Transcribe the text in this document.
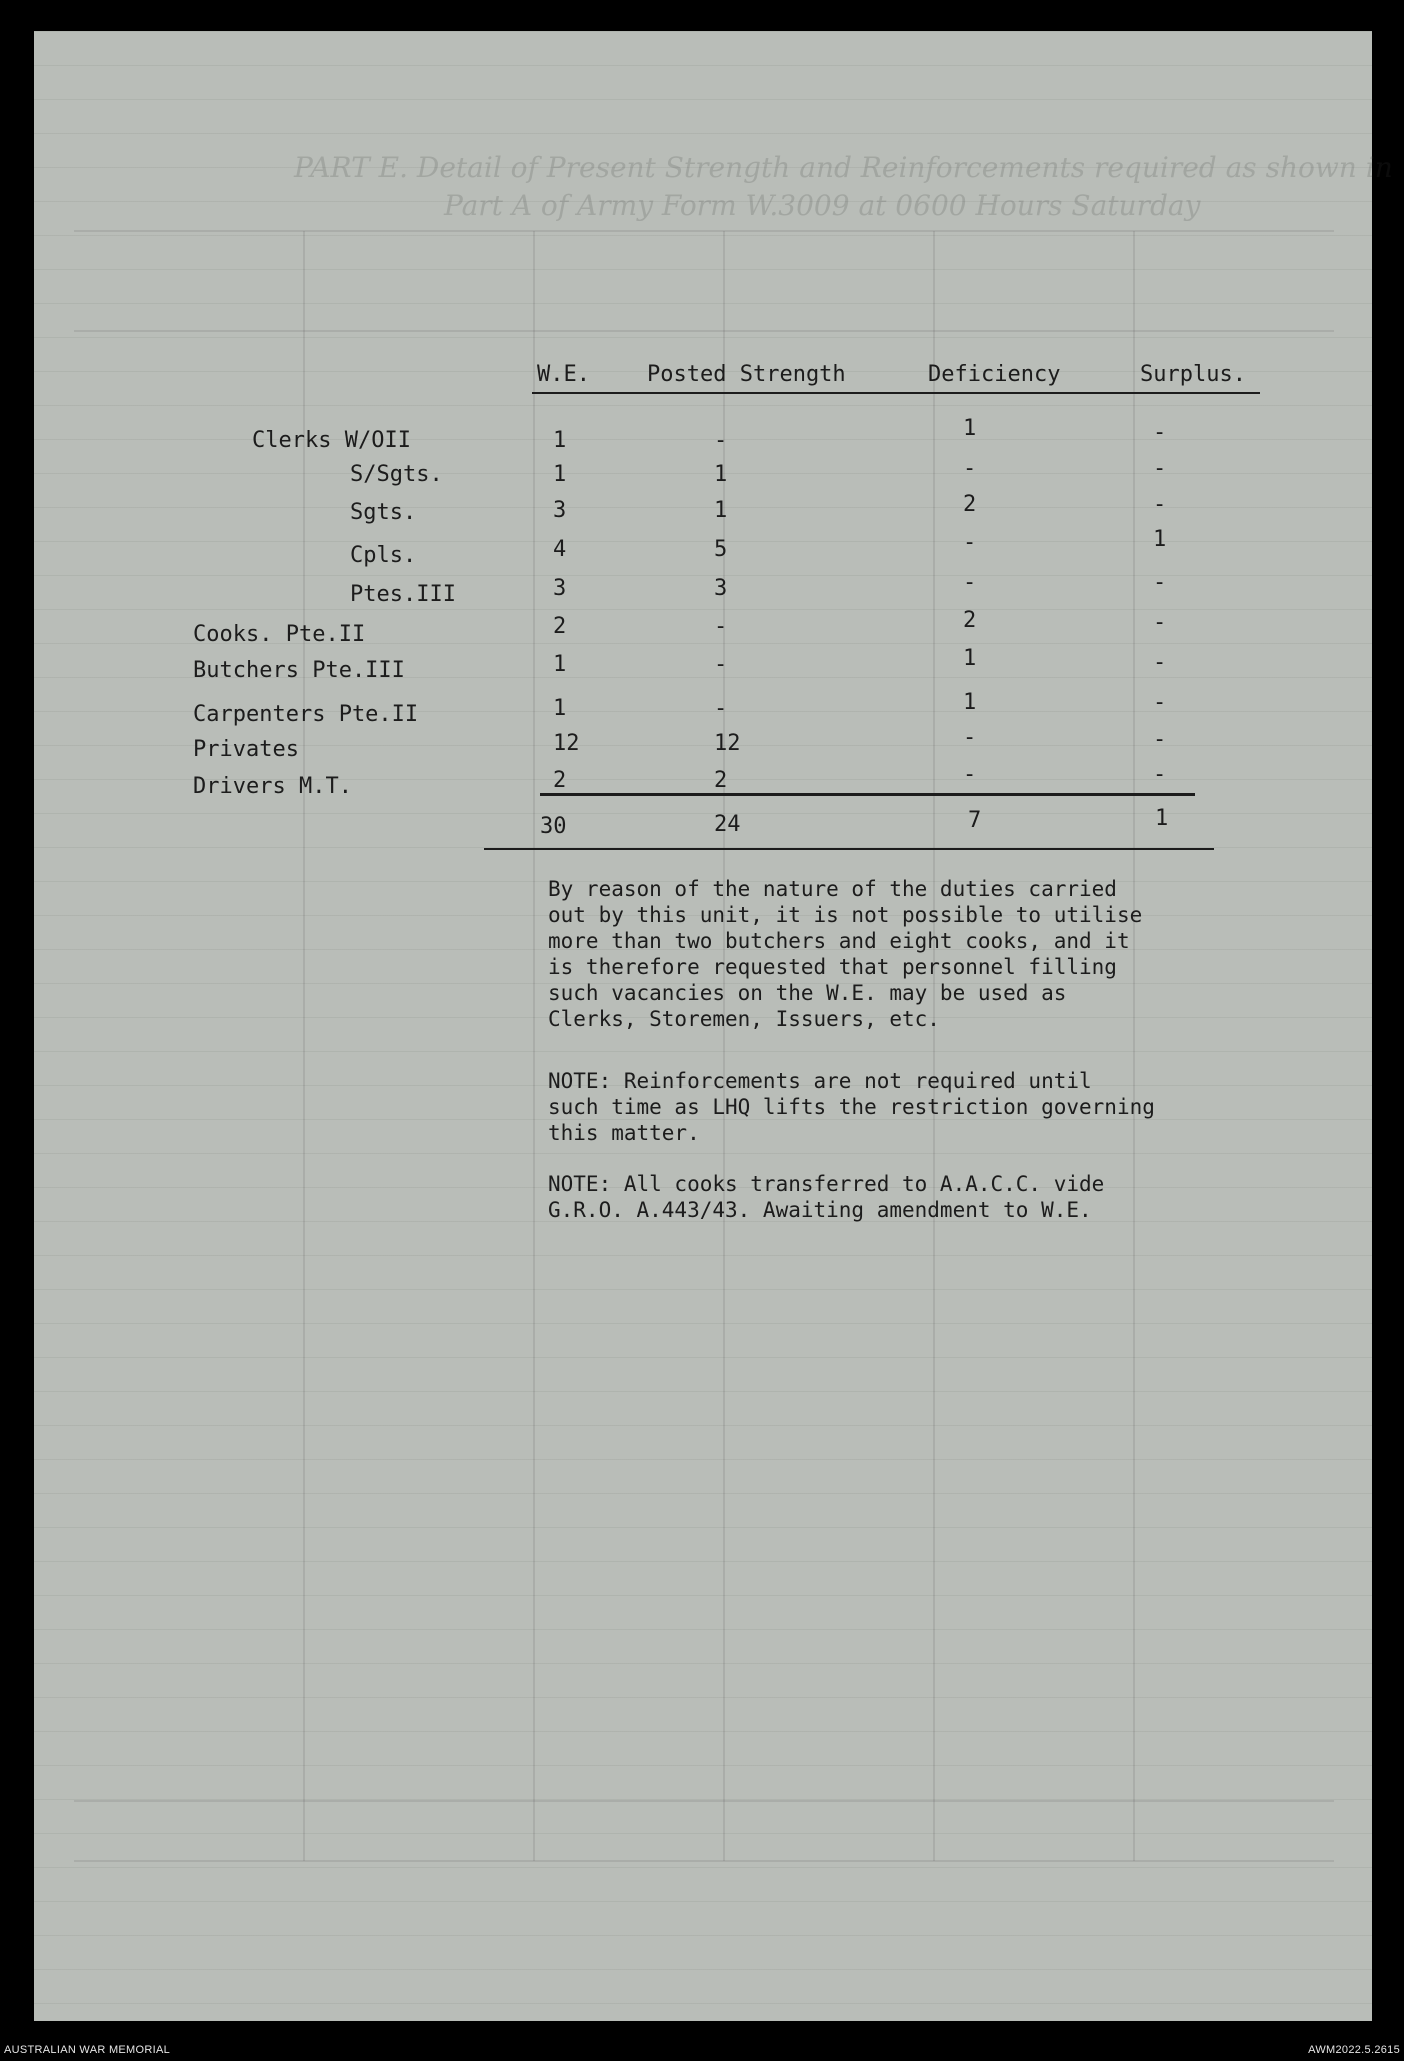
PART E. Detail of Present Strength and Reinforcements required as shown in
Part A of Army Form W.3009 at 0600 Hours Saturday
W.E.	Posted Strength	Deficiency	Surplus.
Clerks W/OII	1	-	1	-
S/Sgts.	1	1	-	-
Sgts.	3	1	2	-
Cpls.	4	5	-	1
Ptes.III	3	3	-	-
Cooks. Pte.II	2	-	2	-
Butchers Pte.III	1	-	1	-
Carpenters Pte.II	1	-	1	-
Privates	12	12	-	-
Drivers M.T.	2	2	-	-
30	24	7	1
By reason of the nature of the duties carried
out by this unit, it is not possible to utilise
more than two butchers and eight cooks, and it
is therefore requested that personnel filling
such vacancies on the W.E. may be used as
Clerks, Storemen, Issuers, etc.
NOTE: Reinforcements are not required until
such time as LHQ lifts the restriction governing
this matter.
NOTE: All cooks transferred to A.A.C.C. vide
G.R.O. A.443/43. Awaiting amendment to W.E.
AUSTRALIAN WAR MEMORIAL	AWM2022.5.2615
